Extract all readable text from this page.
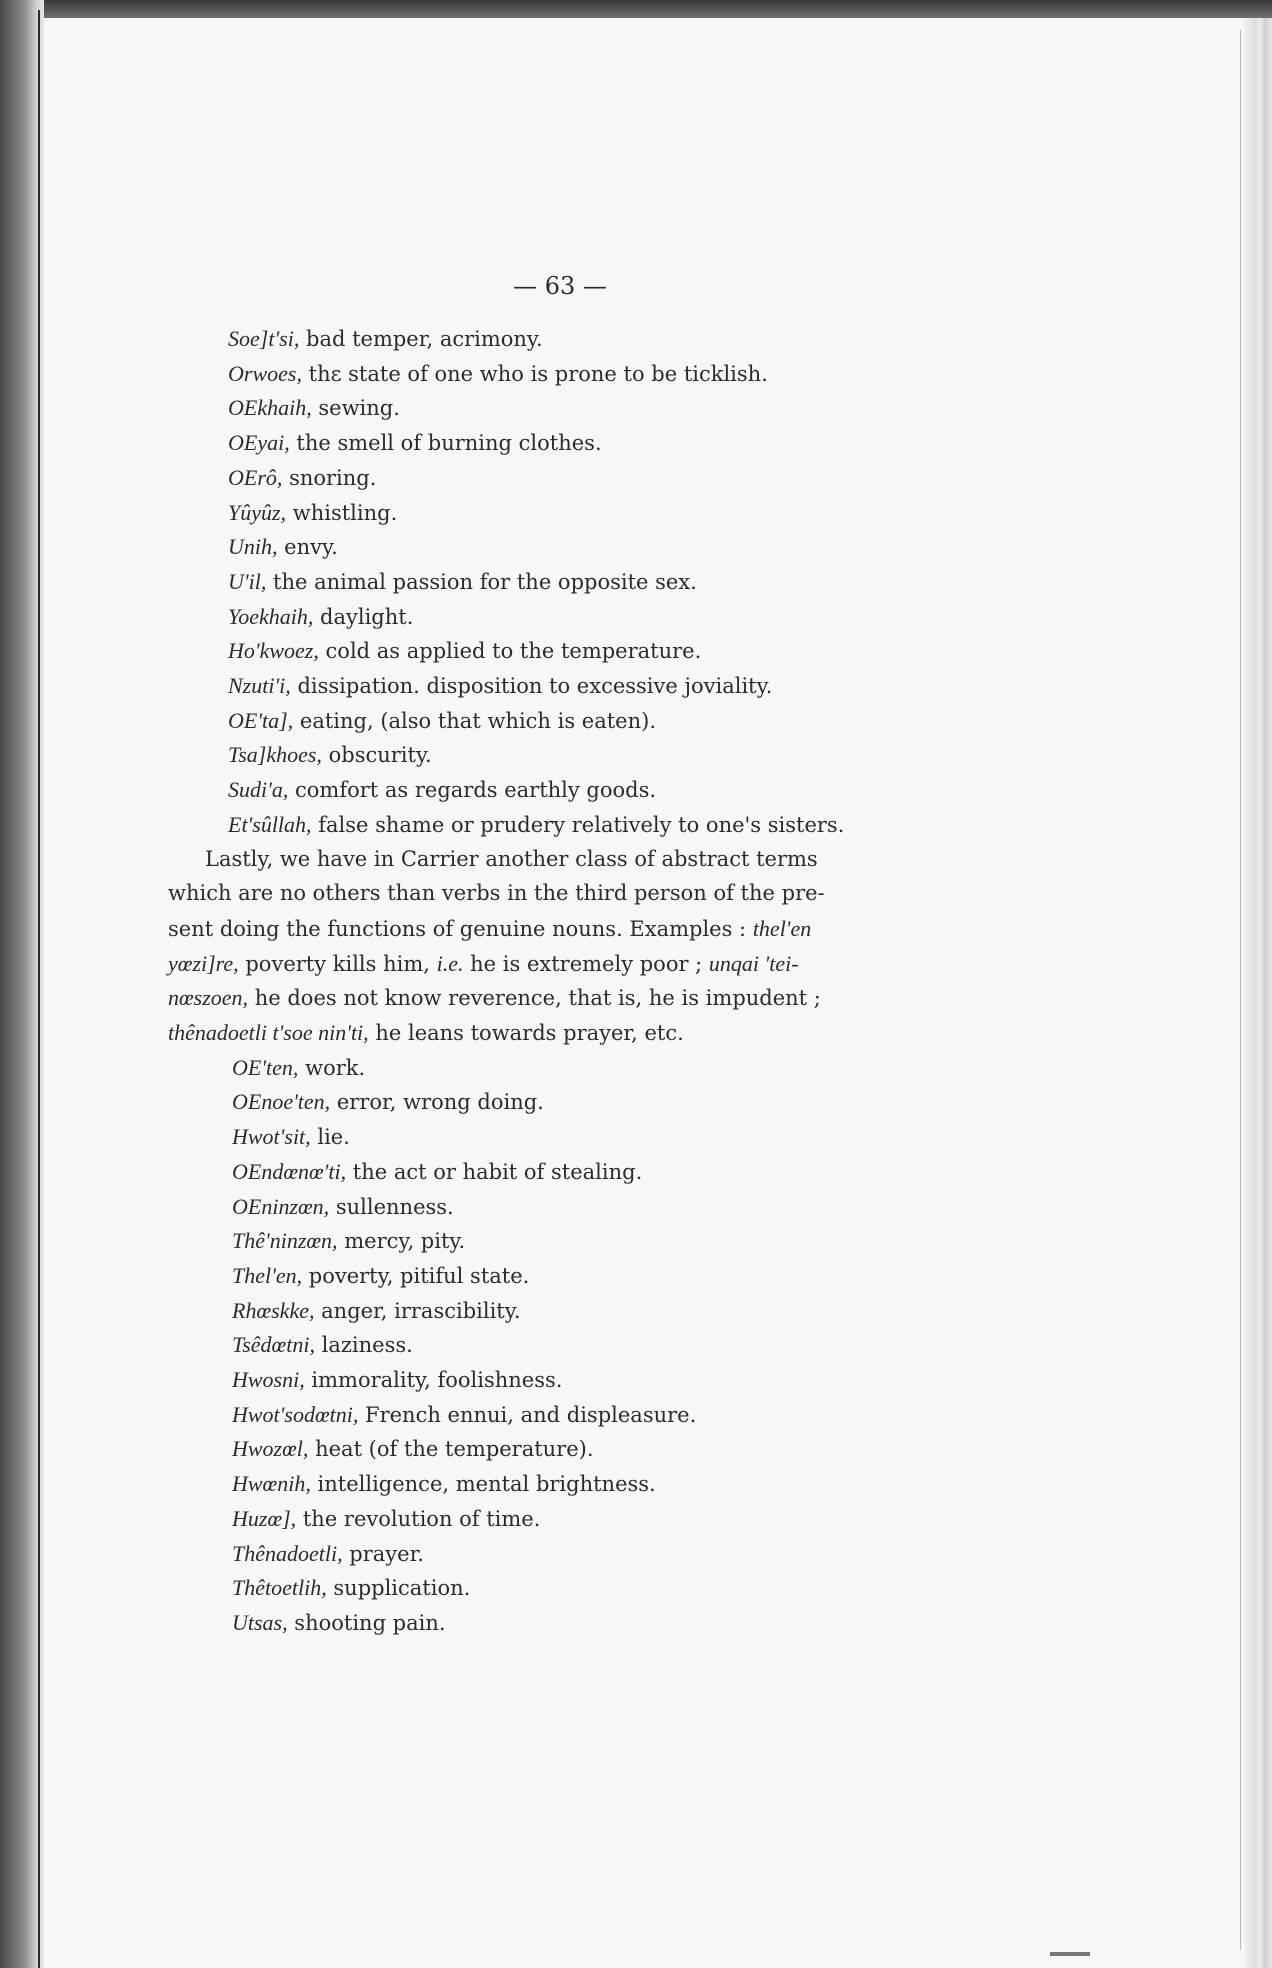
— 63 —
Soe]t'si, bad temper, acrimony.
Orwoes, thε state of one who is prone to be ticklish.
OEkhaih, sewing.
OEyai, the smell of burning clothes.
OErô, snoring.
Yûyûz, whistling.
Unih, envy.
U'il, the animal passion for the opposite sex.
Yoekhaih, daylight.
Ho'kwoez, cold as applied to the temperature.
Nzuti'i, dissipation. disposition to excessive joviality.
OE'ta], eating, (also that which is eaten).
Tsa]khoes, obscurity.
Sudi'a, comfort as regards earthly goods.
Et'sûllah, false shame or prudery relatively to one's sisters.
Lastly, we have in Carrier another class of abstract terms
which are no others than verbs in the third person of the pre-
sent doing the functions of genuine nouns. Examples : thel'en
yœzi]re, poverty kills him, i.e. he is extremely poor ; unqai 'tei-
nœszoen, he does not know reverence, that is, he is impudent ;
thênadoetli t'soe nin'ti, he leans towards prayer, etc.
OE'ten, work.
OEnoe'ten, error, wrong doing.
Hwot'sit, lie.
OEndœnœ'ti, the act or habit of stealing.
OEninzœn, sullenness.
Thê'ninzœn, mercy, pity.
Thel'en, poverty, pitiful state.
Rhœskke, anger, irrascibility.
Tsêdœtni, laziness.
Hwosni, immorality, foolishness.
Hwot'sodœtni, French ennui, and displeasure.
Hwozœl, heat (of the temperature).
Hwœnih, intelligence, mental brightness.
Huzœ], the revolution of time.
Thênadoetli, prayer.
Thêtoetlih, supplication.
Utsas, shooting pain.
